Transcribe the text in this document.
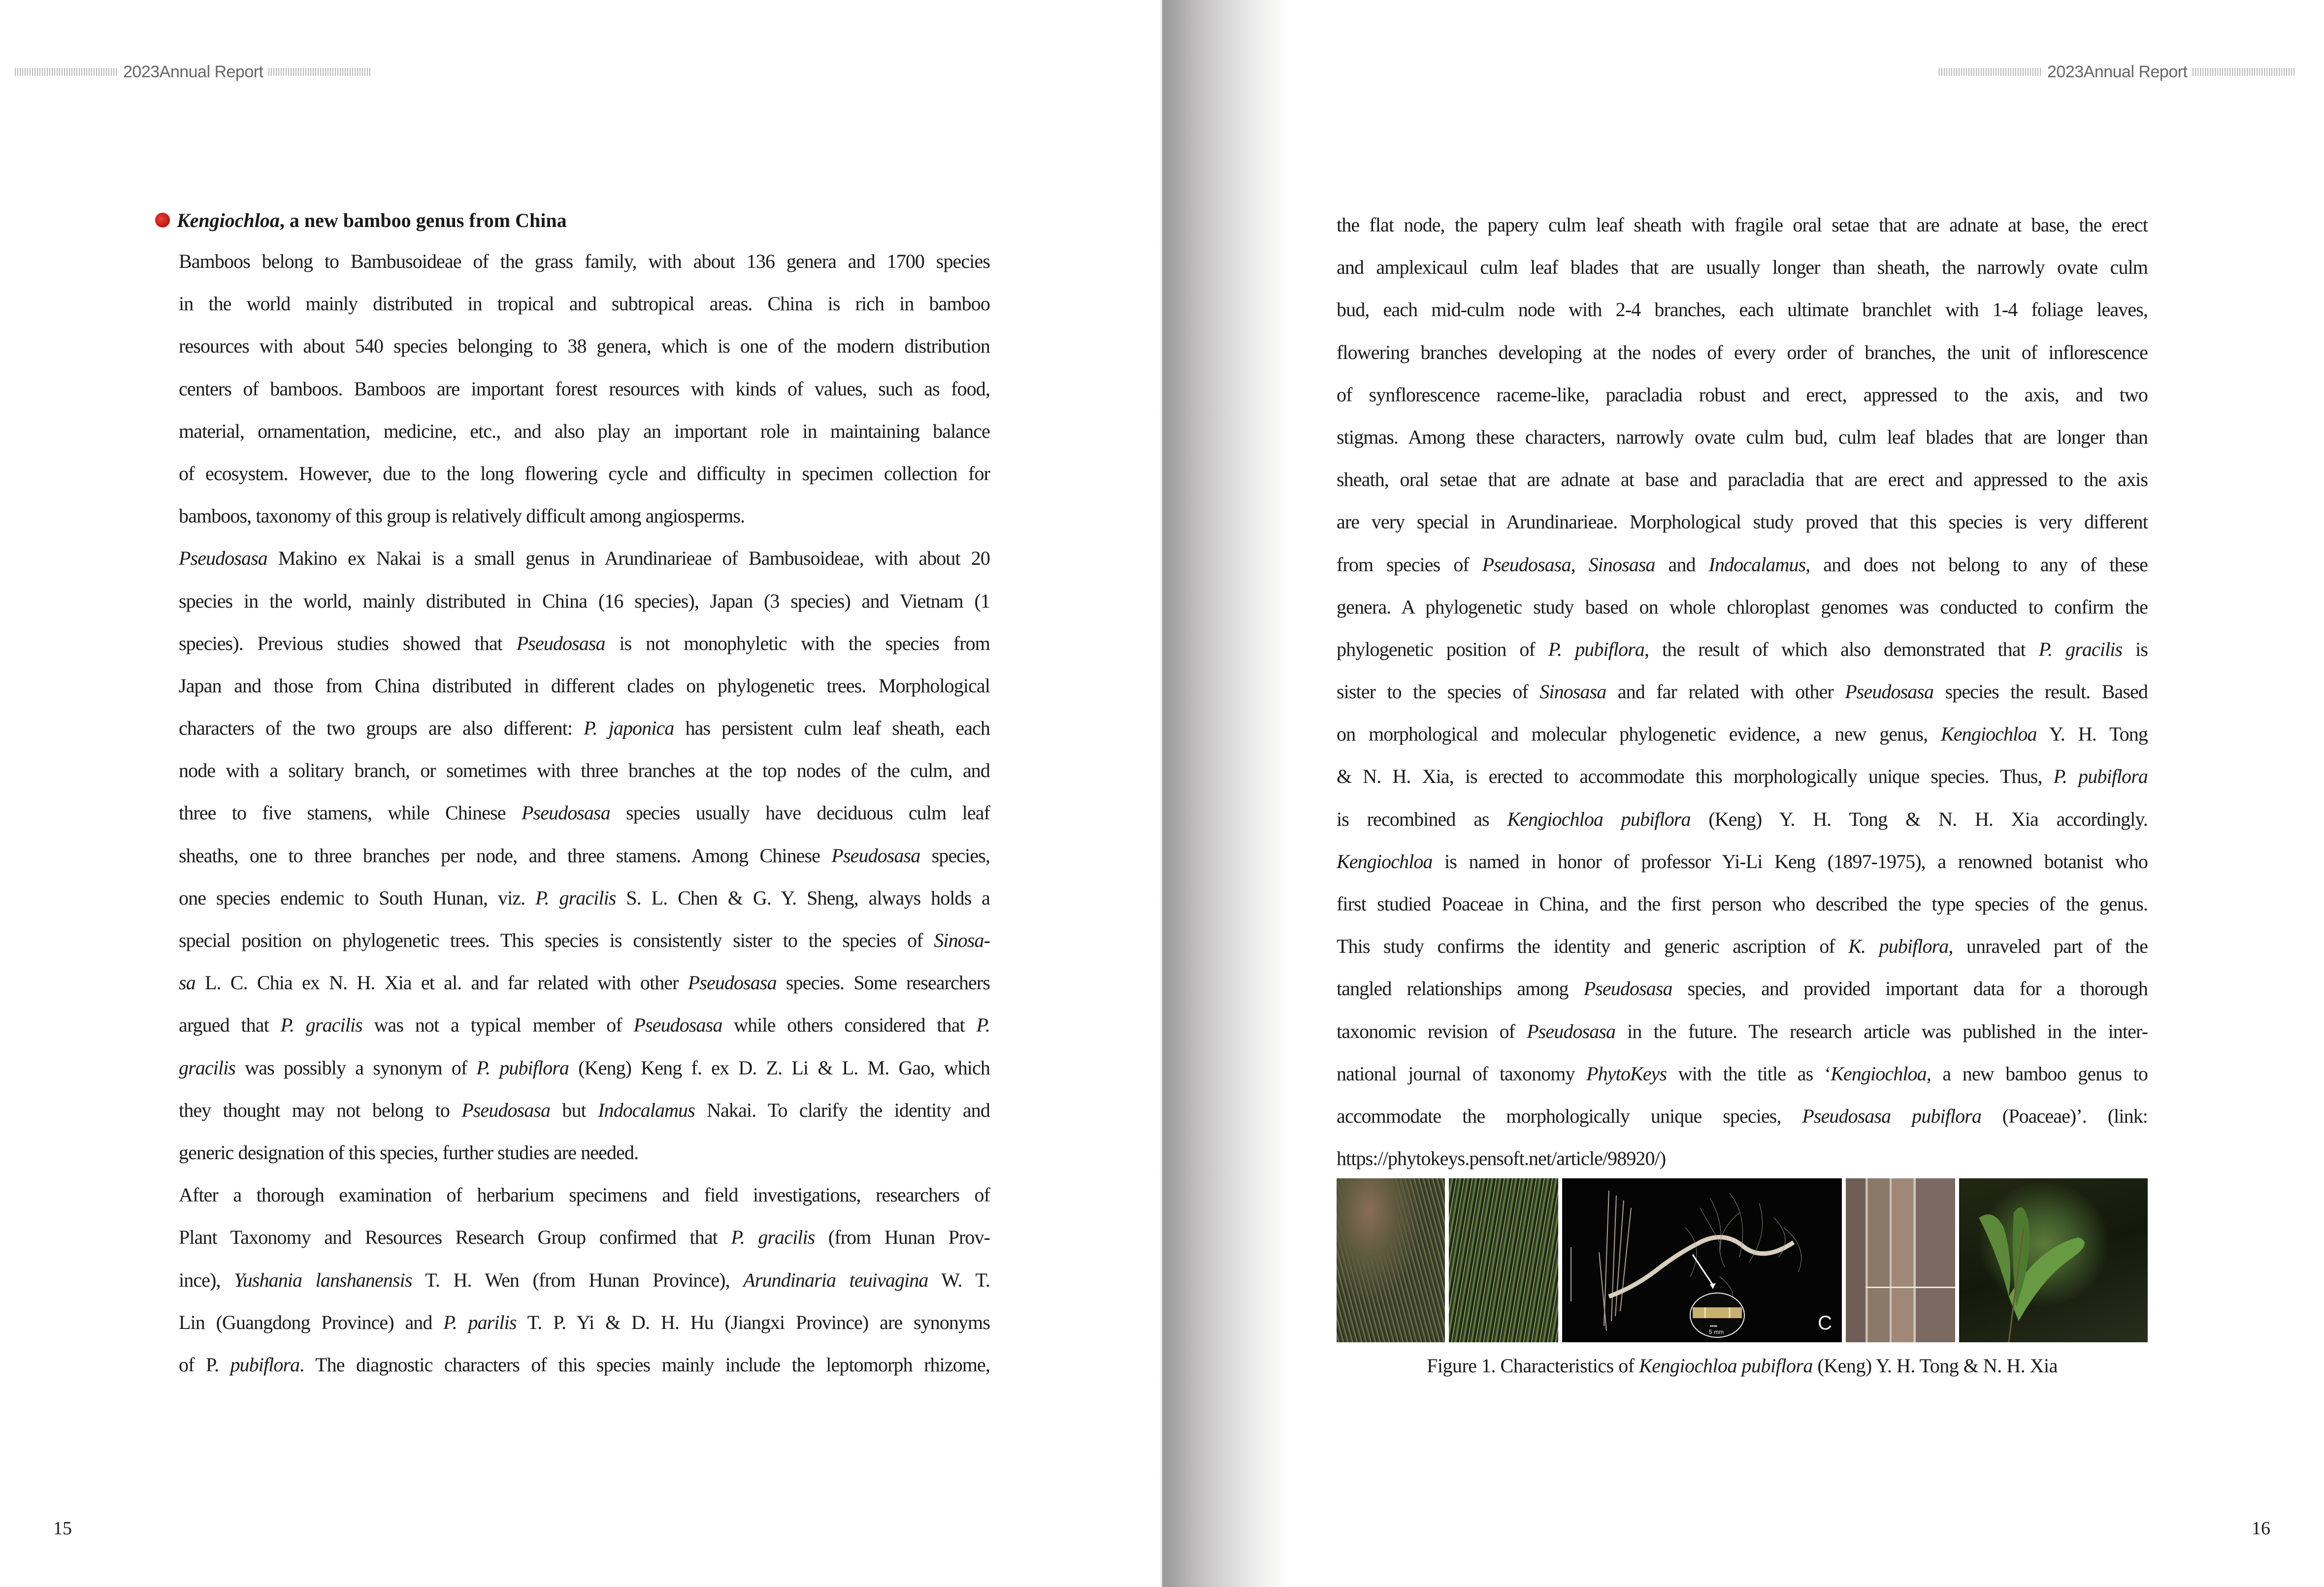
2023Annual Report
Kengiochloa , a new bamboo genus from China
Bamboos belong to Bambusoideae of the grass family, with about 136 genera and 1700 species
in the world mainly distributed in tropical and subtropical areas. China is rich in bamboo
resources with about 540 species belonging to 38 genera, which is one of the modern distribution
centers of bamboos. Bamboos are important forest resources with kinds of values, such as food,
material, ornamentation, medicine, etc., and also play an important role in maintaining balance
of ecosystem. However, due to the long flowering cycle and difficulty in specimen collection for
bamboos, taxonomy of this group is relatively difficult among angiosperms.
Pseudosasa Makino ex Nakai is a small genus in Arundinarieae of Bambusoideae, with about 20
species in the world, mainly distributed in China (16 species), Japan (3 species) and Vietnam (1
species). Previous studies showed that Pseudosasa is not monophyletic with the species from
Japan and those from China distributed in different clades on phylogenetic trees. Morphological
characters of the two groups are also different: P. japonica has persistent culm leaf sheath, each
node with a solitary branch, or sometimes with three branches at the top nodes of the culm, and
three to five stamens, while Chinese Pseudosasa species usually have deciduous culm leaf
sheaths, one to three branches per node, and three stamens. Among Chinese Pseudosasa species,
one species endemic to South Hunan, viz. P. gracilis S. L. Chen & G. Y. Sheng, always holds a
special position on phylogenetic trees. This species is consistently sister to the species of Sinosa-
sa L. C. Chia ex N. H. Xia et al. and far related with other Pseudosasa species. Some researchers
argued that P. gracilis was not a typical member of Pseudosasa while others considered that P.
gracilis was possibly a synonym of P. pubiflora (Keng) Keng f. ex D. Z. Li & L. M. Gao, which
they thought may not belong to Pseudosasa but Indocalamus Nakai. To clarify the identity and
generic designation of this species, further studies are needed.
After a thorough examination of herbarium specimens and field investigations, researchers of
Plant Taxonomy and Resources Research Group confirmed that P. gracilis (from Hunan Prov-
ince), Yushania lanshanensis T. H. Wen (from Hunan Province), Arundinaria teuivagina W. T.
Lin (Guangdong Province) and P. parilis T. P. Yi & D. H. Hu (Jiangxi Province) are synonyms
of P. pubiflora. The diagnostic characters of this species mainly include the leptomorph rhizome,
15
2023Annual Report
the flat node, the papery culm leaf sheath with fragile oral setae that are adnate at base, the erect
and amplexicaul culm leaf blades that are usually longer than sheath, the narrowly ovate culm
bud, each mid-culm node with 2-4 branches, each ultimate branchlet with 1-4 foliage leaves,
flowering branches developing at the nodes of every order of branches, the unit of inflorescence
of synflorescence raceme-like, paracladia robust and erect, appressed to the axis, and two
stigmas. Among these characters, narrowly ovate culm bud, culm leaf blades that are longer than
sheath, oral setae that are adnate at base and paracladia that are erect and appressed to the axis
are very special in Arundinarieae. Morphological study proved that this species is very different
from species of Pseudosasa, Sinosasa and Indocalamus, and does not belong to any of these
genera. A phylogenetic study based on whole chloroplast genomes was conducted to confirm the
phylogenetic position of P. pubiflora, the result of which also demonstrated that P. gracilis is
sister to the species of Sinosasa and far related with other Pseudosasa species the result. Based
on morphological and molecular phylogenetic evidence, a new genus, Kengiochloa Y. H. Tong
& N. H. Xia, is erected to accommodate this morphologically unique species. Thus, P. pubiflora
is recombined as Kengiochloa pubiflora (Keng) Y. H. Tong & N. H. Xia accordingly.
Kengiochloa is named in honor of professor Yi-Li Keng (1897-1975), a renowned botanist who
first studied Poaceae in China, and the first person who described the type species of the genus.
This study confirms the identity and generic ascription of K. pubiflora, unraveled part of the
tangled relationships among Pseudosasa species, and provided important data for a thorough
taxonomic revision of Pseudosasa in the future. The research article was published in the inter-
national journal of taxonomy PhytoKeys with the title as ‘Kengiochloa, a new bamboo genus to
accommodate the morphologically unique species, Pseudosasa pubiflora (Poaceae)’. (link:
https://phytokeys.pensoft.net/article/98920/)
5 mm	C
Figure 1. Characteristics of Kengiochloa pubiflora (Keng) Y. H. Tong & N. H. Xia
16
